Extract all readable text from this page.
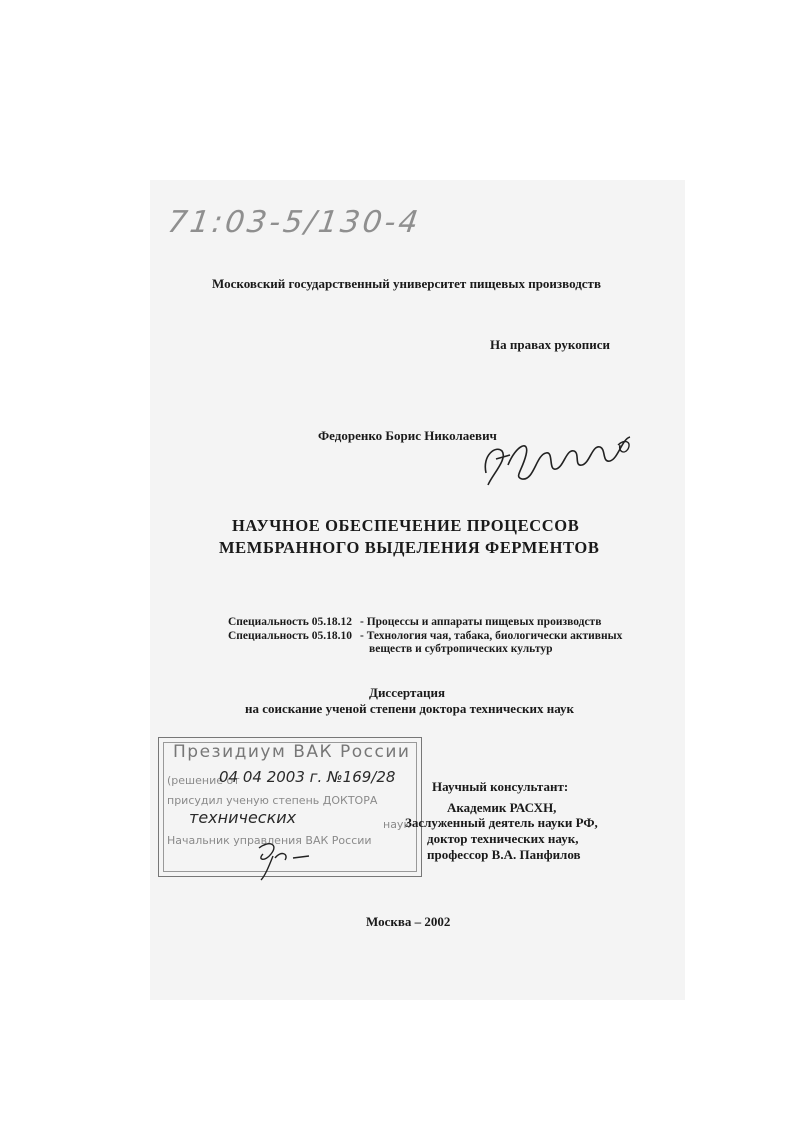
71:03-5/130-4
Московский государственный университет пищевых производств
На правах рукописи
Федоренко Борис Николаевич
НАУЧНОЕ ОБЕСПЕЧЕНИЕ ПРОЦЕССОВ
МЕМБРАННОГО ВЫДЕЛЕНИЯ ФЕРМЕНТОВ
Специальность 05.18.12 - Процессы и аппараты пищевых производств
Специальность 05.18.10 - Технология чая, табака, биологически активных
веществ и субтропических культур
Диссертация
на соискание ученой степени доктора технических наук
Президиум ВАК России
(решение от
04 04 2003 г. №169/28
присудил ученую степень ДОКТОРА
технических	наук
Начальник управления ВАК России
Научный консультант:
Академик РАСХН,
Заслуженный деятель науки РФ,
доктор технических наук,
профессор В.А. Панфилов
Москва – 2002
